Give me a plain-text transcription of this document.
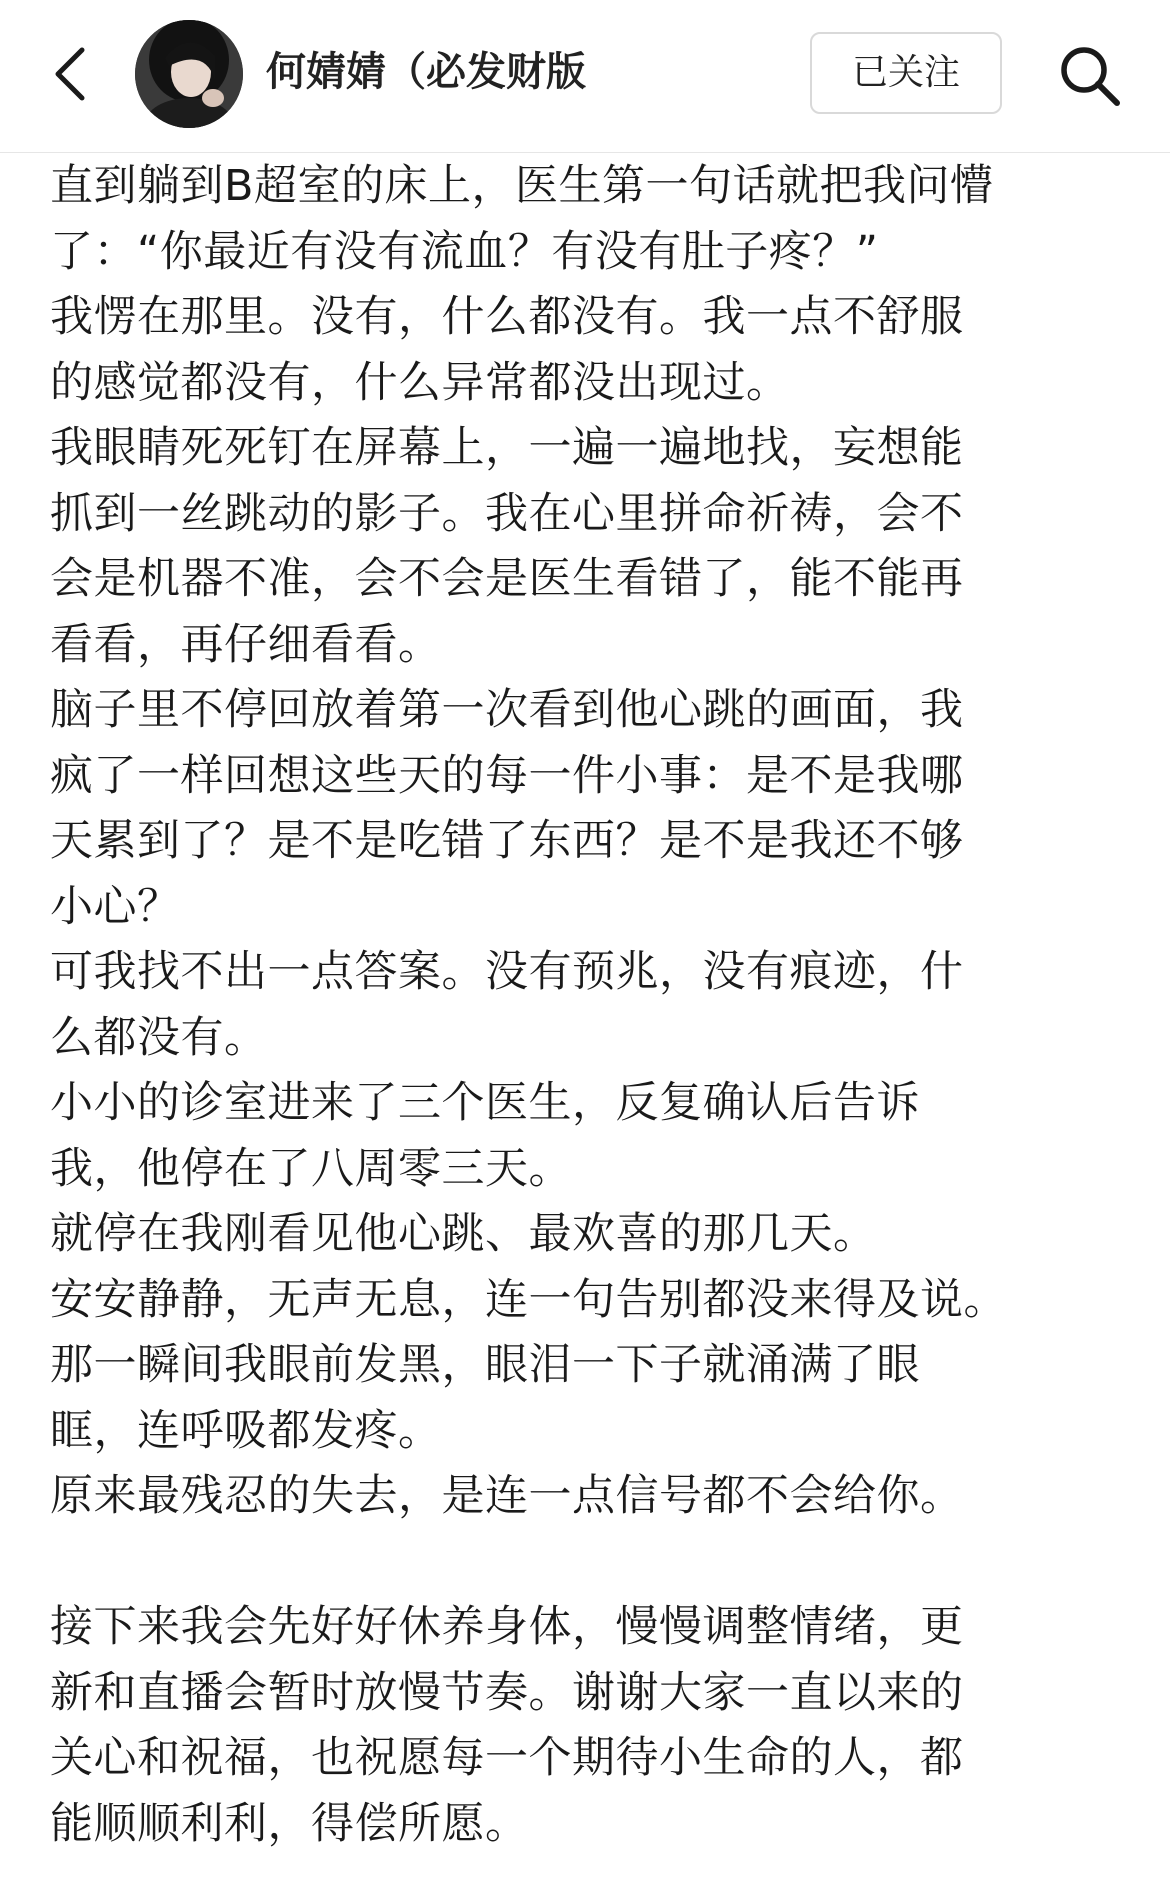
何婧婧（必发财版	已关注
直到躺到B超室的床上，医生第一句话就把我问懵
了：“你最近有没有流血？有没有肚子疼？”
我愣在那里。没有，什么都没有。我一点不舒服
的感觉都没有，什么异常都没出现过。
我眼睛死死钉在屏幕上，一遍一遍地找，妄想能
抓到一丝跳动的影子。我在心里拼命祈祷，会不
会是机器不准，会不会是医生看错了，能不能再
看看，再仔细看看。
脑子里不停回放着第一次看到他心跳的画面，我
疯了一样回想这些天的每一件小事：是不是我哪
天累到了？是不是吃错了东西？是不是我还不够
小心？
可我找不出一点答案。没有预兆，没有痕迹，什
么都没有。
小小的诊室进来了三个医生，反复确认后告诉
我，他停在了八周零三天。
就停在我刚看见他心跳、最欢喜的那几天。
安安静静，无声无息，连一句告别都没来得及说。
那一瞬间我眼前发黑，眼泪一下子就涌满了眼
眶，连呼吸都发疼。
原来最残忍的失去，是连一点信号都不会给你。
接下来我会先好好休养身体，慢慢调整情绪，更
新和直播会暂时放慢节奏。谢谢大家一直以来的
关心和祝福，也祝愿每一个期待小生命的人，都
能顺顺利利，得偿所愿。
